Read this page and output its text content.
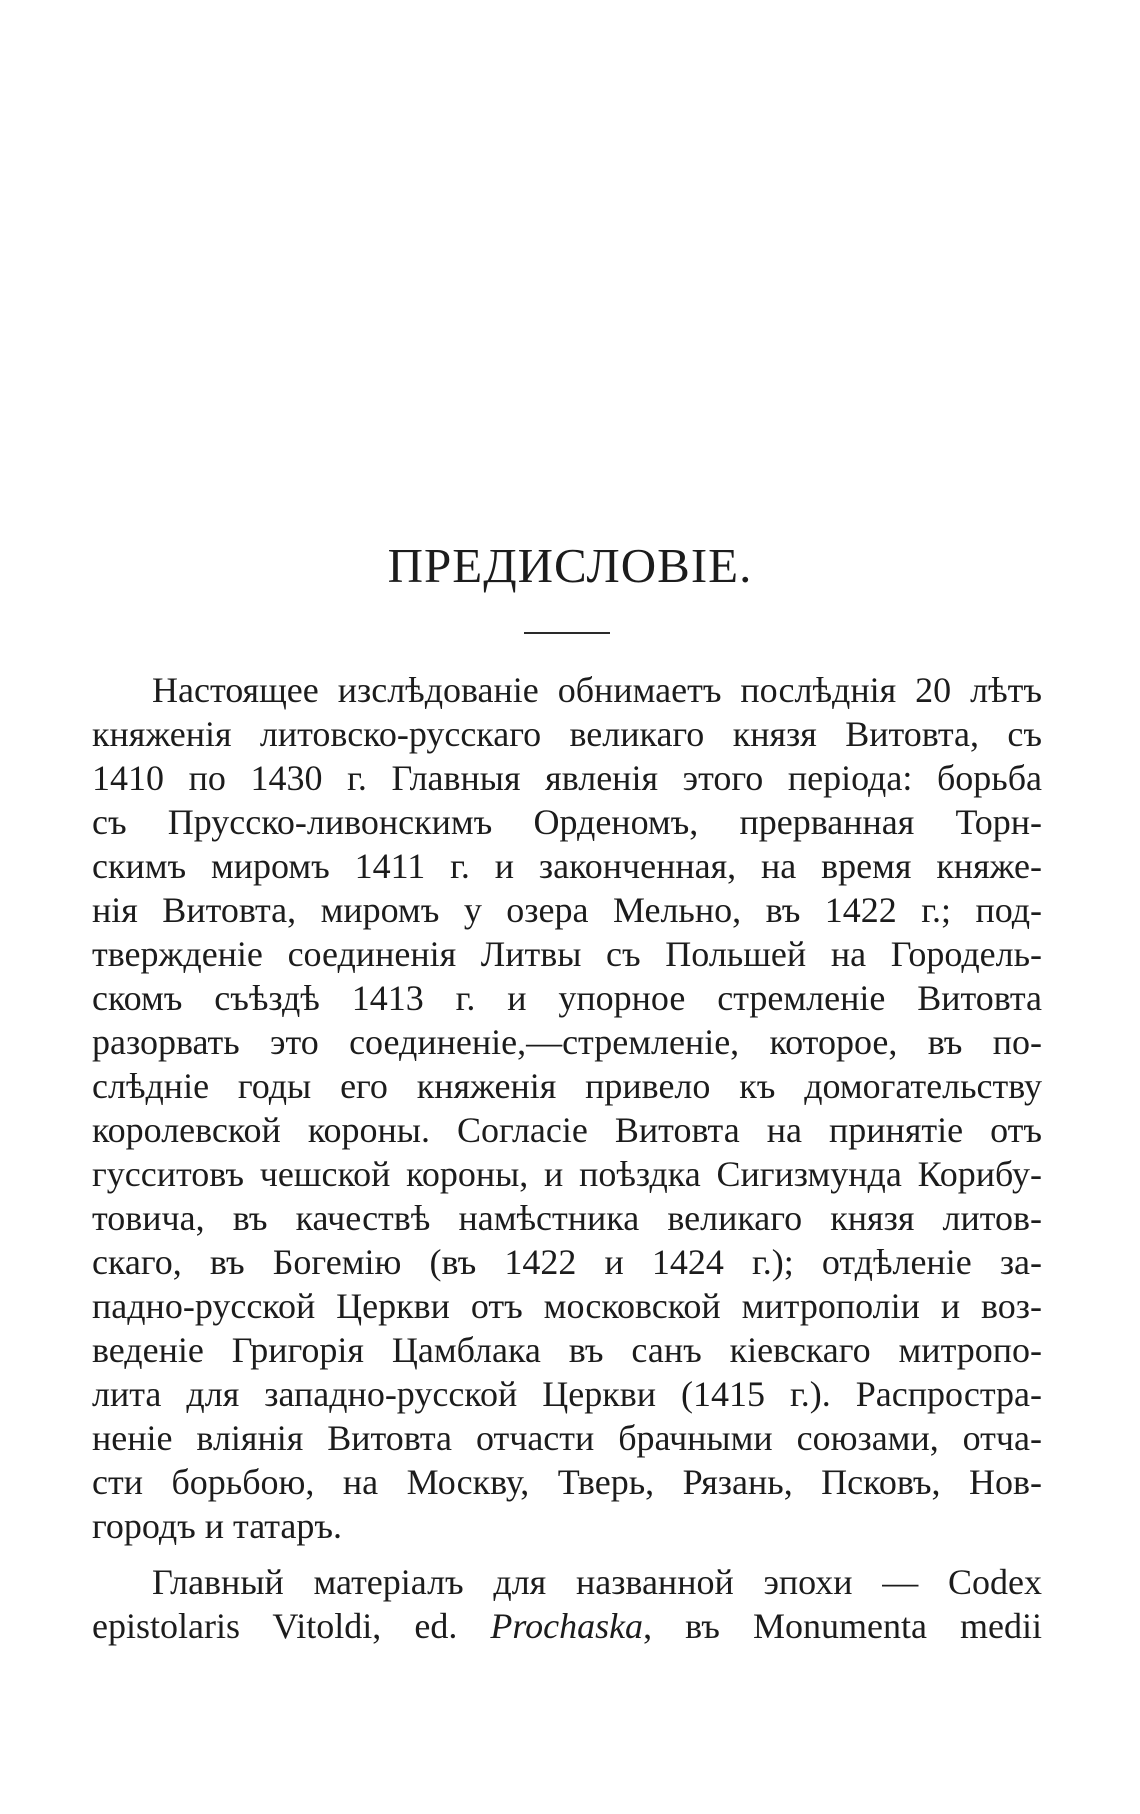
ПРЕДИСЛОВІЕ.
Настоящее изслѣдованіе обнимаетъ послѣднія 20 лѣтъ
княженія литовско-русскаго великаго князя Витовта, съ
1410 по 1430 г. Главныя явленія этого періода: борьба
съ Прусско-ливонскимъ Орденомъ, прерванная Торн-
скимъ миромъ 1411 г. и законченная, на время княже-
нія Витовта, миромъ у озера Мельно, въ 1422 г.; под-
твержденіе соединенія Литвы съ Польшей на Городель-
скомъ съѣздѣ 1413 г. и упорное стремленіе Витовта
разорвать это соединеніе,—стремленіе, которое, въ по-
слѣдніе годы его княженія привело къ домогательству
королевской короны. Согласіе Витовта на принятіе отъ
гусситовъ чешской короны, и поѣздка Сигизмунда Корибу-
товича, въ качествѣ намѣстника великаго князя литов-
скаго, въ Богемію (въ 1422 и 1424 г.); отдѣленіе за-
падно-русской Церкви отъ московской митрополіи и воз-
веденіе Григорія Цамблака въ санъ кіевскаго митропо-
лита для западно-русской Церкви (1415 г.). Распростра-
неніе вліянія Витовта отчасти брачными союзами, отча-
сти борьбою, на Москву, Тверь, Рязань, Псковъ, Нов-
городъ и татаръ.
Главный матеріалъ для названной эпохи — Codex
epistolaris Vitoldi, ed. Prochaska, въ Monumenta medii
